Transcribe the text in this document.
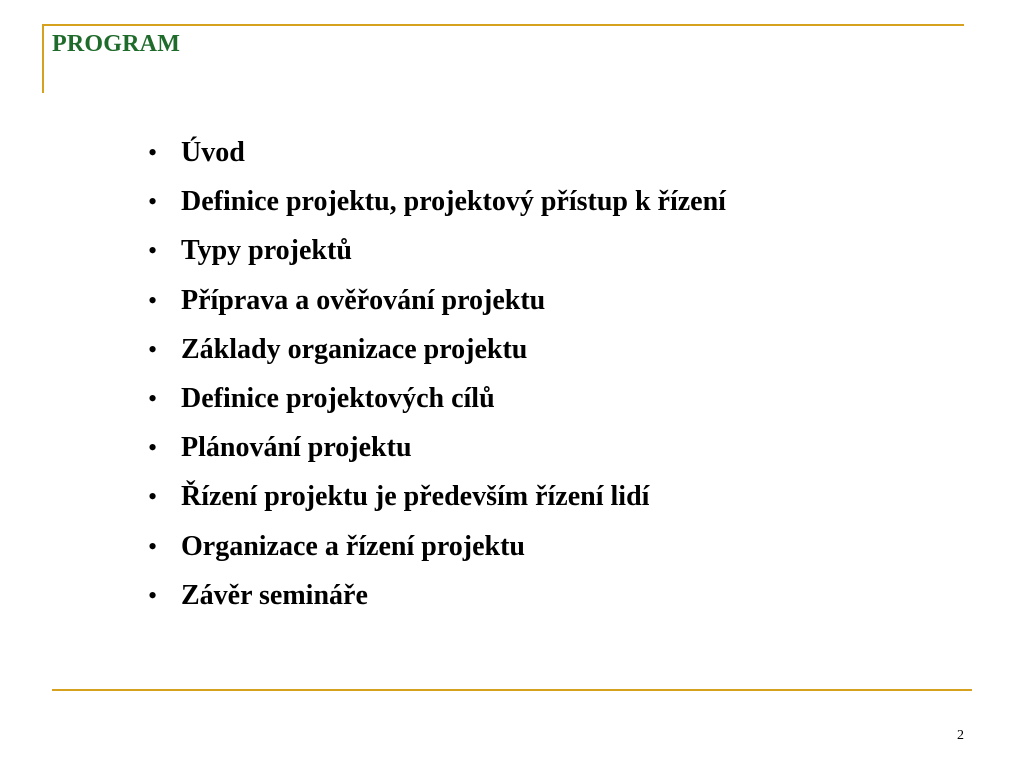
PROGRAM
• Úvod
• Definice projektu, projektový přístup k řízení
• Typy projektů
• Příprava a ověřování projektu
• Základy organizace projektu
• Definice projektových cílů
• Plánování projektu
• Řízení projektu je především řízení lidí
• Organizace a řízení projektu
• Závěr semináře
2
